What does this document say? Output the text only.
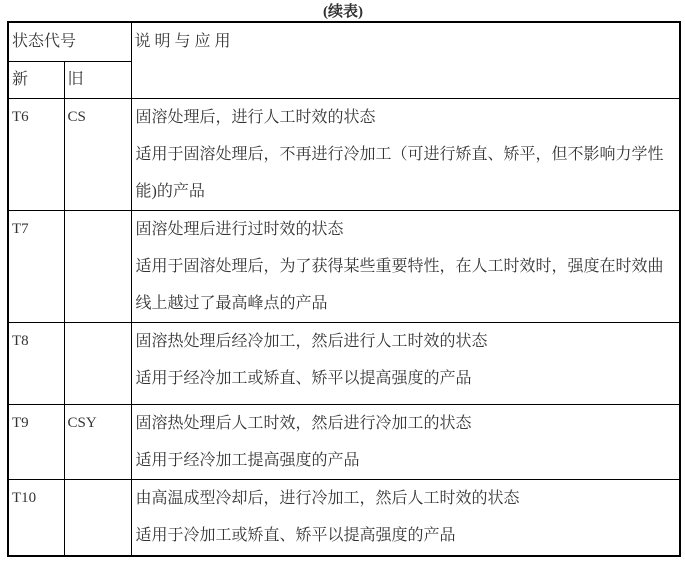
(续表)
状态代号		说 明 与 应 用
新	旧	
T6	CS	固溶处理后，进行人工时效的状态
适用于固溶处理后，不再进行冷加工（可进行矫直、矫平，但不影响力学性能)的产品

T7		固溶处理后进行过时效的状态
适用于固溶处理后，为了获得某些重要特性，在人工时效时，强度在时效曲线上越过了最高峰点的产品

T8		固溶热处理后经冷加工，然后进行人工时效的状态
适用于经冷加工或矫直、矫平以提高强度的产品

T9	CSY	固溶热处理后人工时效，然后进行冷加工的状态
适用于经冷加工提高强度的产品

T10		由高温成型冷却后，进行冷加工，然后人工时效的状态
适用于冷加工或矫直、矫平以提高强度的产品
